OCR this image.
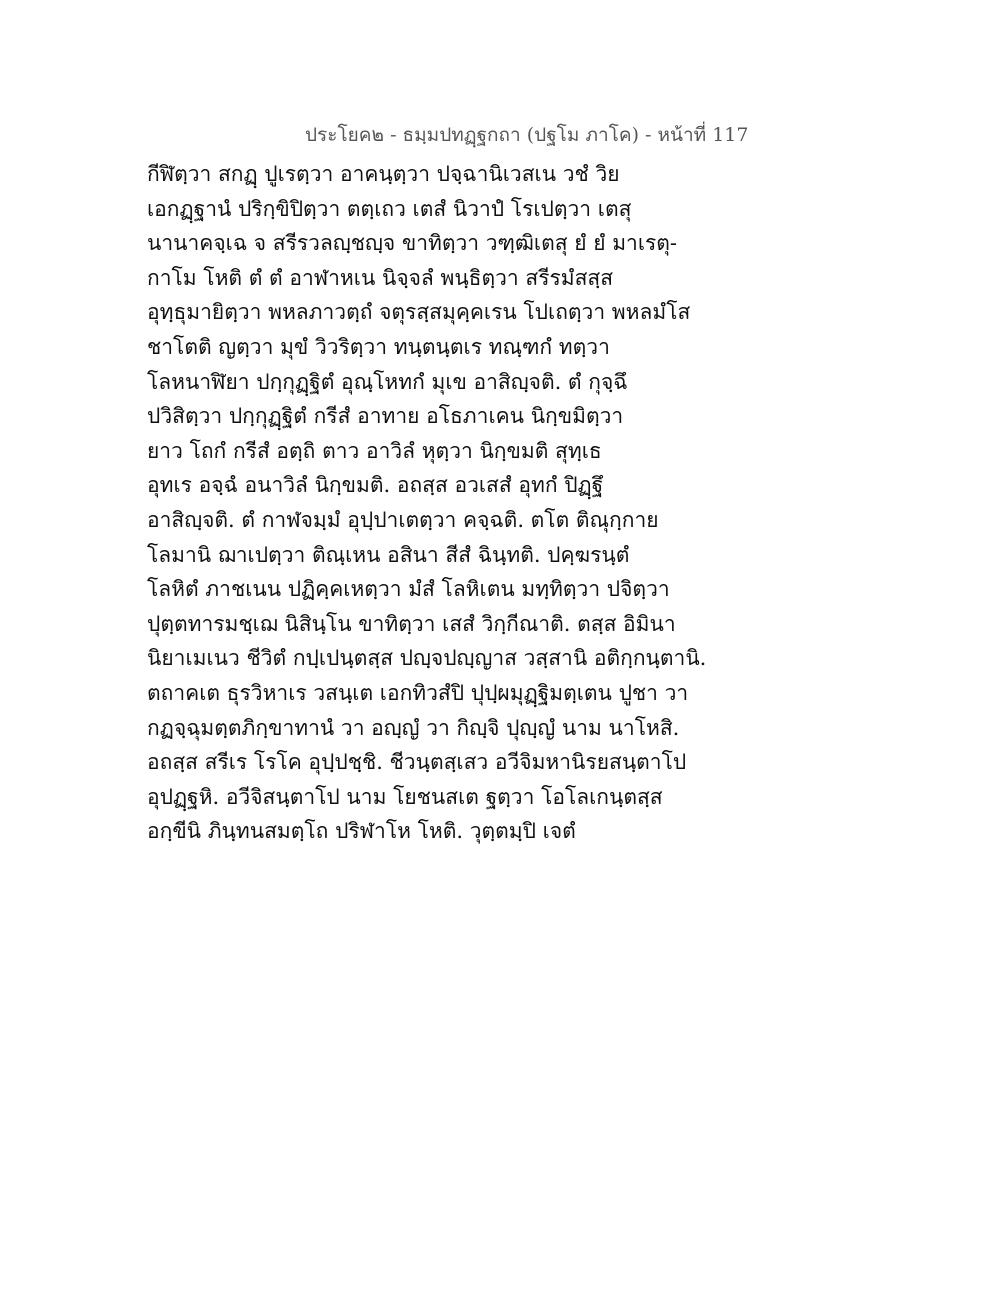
ประโยค๒ - ธมฺมปทฏฺฐกถา (ปฐโม ภาโค) - หน้าที่ 117
กีฬิตฺวา สกฏฺ ปูเรตฺวา อาคนฺตฺวา ปจฺฉานิเวสเน วชํ วิย
เอกฏฺฐานํ ปริกฺขิปิตฺวา ตตฺเถว เตสํ นิวาปํ โรเปตฺวา เตสุ
นานาคจฺเฉ จ สรีรวลญฺชญฺจ ขาทิตฺวา วฑฺฒิเตสุ ยํ ยํ มาเรตุ-
กาโม โหติ ตํ ตํ อาฬาหเน นิจฺจลํ พนฺธิตฺวา สรีรมํสสฺส
อุทฺธุมายิตฺวา พหลภาวตฺถํ จตุรสฺสมุคฺคเรน โปเถตฺวา พหลมํโส
ชาโตติ ญตฺวา มุขํ วิวริตฺวา ทนฺตนฺตเร ทณฺฑกํ ทตฺวา
โลหนาฬิยา ปกฺกุฏฺฐิตํ อุณฺโหทกํ มุเข อาสิญฺจติ. ตํ กุจฺฉึ
ปวิสิตฺวา ปกฺกุฏฺฐิตํ กรีสํ อาทาย อโธภาเคน นิกฺขมิตฺวา
ยาว โถกํ กรีสํ อตฺถิ ตาว อาวิลํ หุตฺวา นิกฺขมติ สุทฺเธ
อุทเร อจฺฉํ อนาวิลํ นิกฺขมติ. อถสฺส อวเสสํ อุทกํ ปิฏฺฐึ
อาสิญฺจติ. ตํ กาฬจมฺมํ อุปฺปาเตตฺวา คจฺฉติ. ตโต ติณุกฺกาย
โลมานิ ฌาเปตฺวา ติณฺเหน อสินา สีสํ ฉินฺทติ. ปคฺฆรนฺตํ
โลหิตํ ภาชเนน ปฏิคฺคเหตฺวา มํสํ โลหิเตน มทฺทิตฺวา ปจิตฺวา
ปุตฺตทารมชฺเฌ นิสินฺโน ขาทิตฺวา เสสํ วิกฺกีณาติ. ตสฺส อิมินา
นิยาเมเนว ชีวิตํ กปฺเปนฺตสฺส ปญฺจปญฺญาส วสฺสานิ อติกฺกนฺตานิ.
ตถาคเต ธุรวิหาเร วสนฺเต เอกทิวสํปิ ปุปฺผมุฏฺฐิมตฺเตน ปูชา วา
กฏจฺฉุมตฺตภิกฺขาทานํ วา อญฺญํ วา กิญฺจิ ปุญฺญํ นาม นาโหสิ.
อถสฺส สรีเร โรโค อุปฺปชฺชิ. ชีวนฺตสฺเสว อวีจิมหานิรยสนฺตาโป
อุปฏฺฐหิ. อวีจิสนฺตาโป นาม โยชนสเต ฐตฺวา โอโลเกนฺตสฺส
อกฺขีนิ ภินฺทนสมตฺโถ ปริฬาโห โหติ. วุตฺตมฺปิ เจตํ
